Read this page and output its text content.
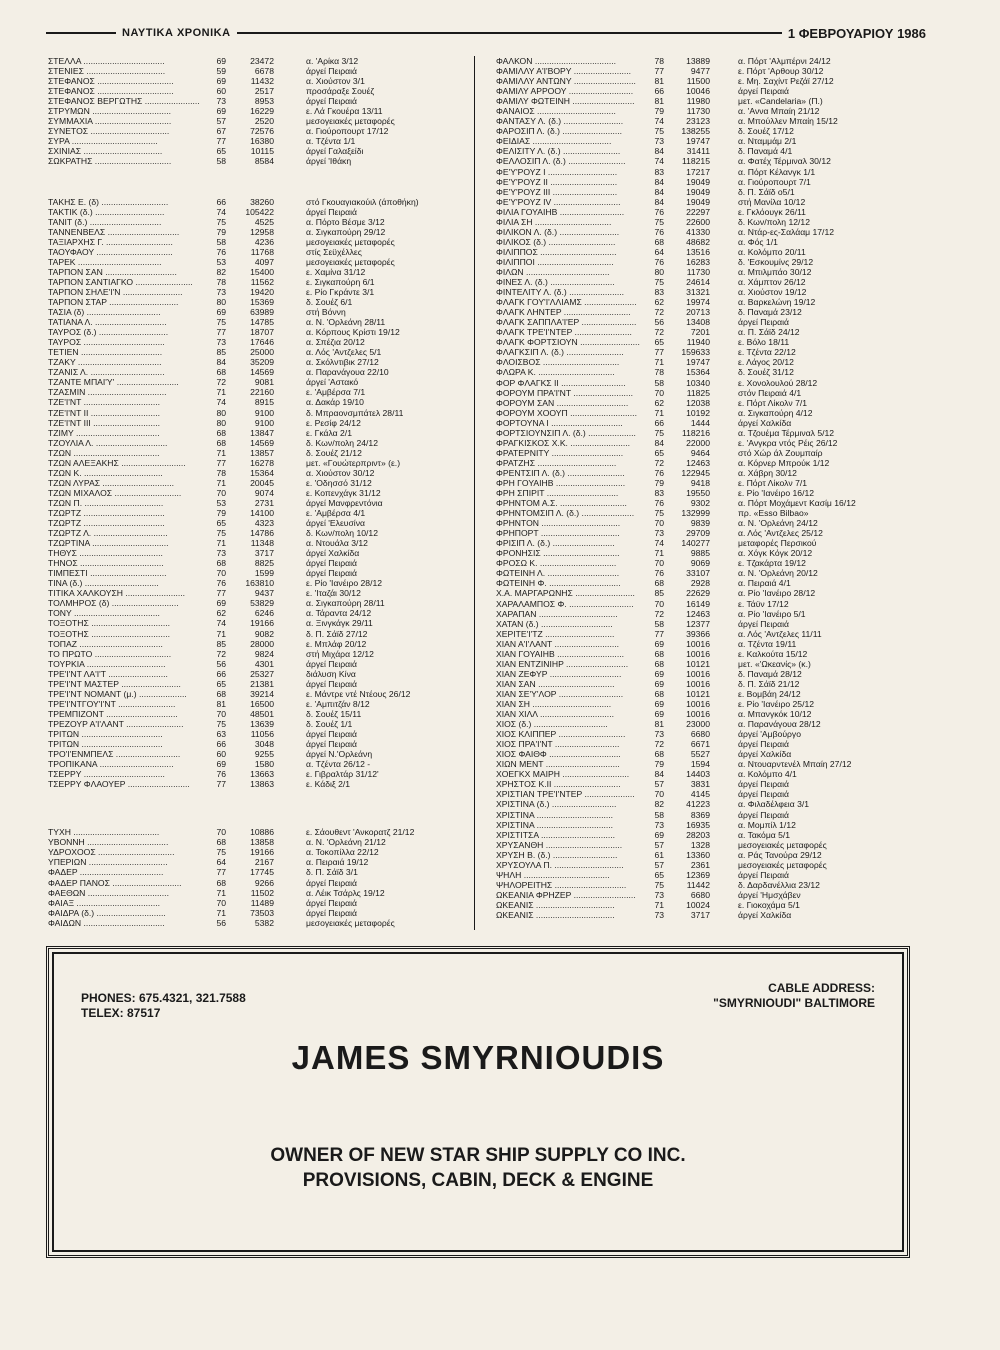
ΝΑΥΤΙΚΑ ΧΡΟΝΙΚΑ	1 ΦΕΒΡΟΥΑΡΙΟΥ 1986
ΣΤΕΛΛΑ ..................................	69	23472	α. 'Αρίκα 3/12
ΣΤΕΝΙΕΣ .................................	59	6678	άργεί Πειραιά
ΣΤΕΦΑΝΟΣ ................................	69	11432	α. Χιούστον 3/1
ΣΤΕΦΑΝΟΣ ................................	60	2517	προσάραξε Σουέζ
ΣΤΕΦΑΝΟΣ ΒΕΡΓΩΤΗΣ .......................	73	8953	άργεί Πειραιά
ΣΤΡΥΜΩΝ .................................	69	16229	ε. Λά Γκουέρα 13/11
ΣΥΜΜΑΧΙΑ ................................	57	2520	μεσογειακές μεταφορές
ΣΥΝΕΤΟΣ .................................	67	72576	α. Γιούροπουρτ 17/12
ΣΥΡΑ ....................................	77	16380	α. Τζέντα 1/1
ΣΧΙΝΙΑΣ .................................	65	10115	άργεί Γαλαξείδι
ΣΩΚΡΑΤΗΣ ................................	58	8584	άργεί 'Ιθάκη
ΤΑΚΗΣ Ε. (δ) ............................	66	38260	στό Γκουαγιακούιλ (άποθήκη)
ΤΑΚΤΙΚ (δ.) .............................	74	105422	άργεί Πειραιά
ΤΑΝΙΤ (δ.) ..............................	75	4525	α. Πόρτο Βέσμε 3/12
ΤΑΝΝΕΝΒΕΛΣ ..............................	79	12958	α. Σιγκαπούρη 29/12
ΤΑΞΙΑΡΧΗΣ Γ. ............................	58	4236	μεσογειακές μεταφορές
ΤΑΟΥΦΑΟΥ ................................	76	11768	στίς Σεϋχέλλες
ΤΑΡΕΚ ...................................	53	4097	μεσογειακές μεταφορές
ΤΑΡΠΟΝ ΣΑΝ ..............................	82	15400	ε. Χαμίνα 31/12
ΤΑΡΠΟΝ ΣΑΝΤΙΑΓΚΟ ........................	78	11562	ε. Σιγκαπούρη 6/1
ΤΑΡΠΟΝ ΣΗΛΕ'Ι'Ν .........................	73	19420	ε. Ρίο Γκράντε 3/1
ΤΑΡΠΟΝ ΣΤΑΡ .............................	80	15369	δ. Σουέζ 6/1
ΤΑΣΙΑ (δ) ...............................	69	63989	στή Βόννη
ΤΑΤΙΑΝΑ Λ. ..............................	75	14785	α. Ν. 'Ορλεάνη 28/11
ΤΑΥΡΟΣ (δ.) .............................	77	18707	α. Κόρπους Κρίστι 19/12
ΤΑΥΡΟΣ ..................................	73	17646	α. Σπέζια 20/12
ΤΕΤΙΕΝ ..................................	85	25000	α. Λός 'Αντζελες 5/1
ΤΖΑΚΥ ...................................	84	35209	α. Σκόλντιβικ 27/12
ΤΖΑΝΙΣ Λ. ...............................	68	14569	α. Παρανάγουα 22/10
ΤΖΑΝΤΕ ΜΠΑΙ'Υ' ..........................	72	9081	άργεί 'Αστακό
ΤΖΑΣΜΙΝ .................................	71	22160	ε. 'Αμβέρσα 7/1
ΤΖΕ'Ι'ΝΤ ................................	74	8915	α. Δακάρ 19/10
ΤΖΕ'Ι'ΝΤ ΙΙ .............................	80	9100	δ. Μπραονσμπάτελ 28/11
ΤΖΕ'Ι'ΝΤ ΙΙΙ ............................	80	9100	ε. Ρεσίφ 24/12
ΤΖΙΜΥ ...................................	68	13847	ε. Γκάλα 2/1
ΤΖΟΥΛΙΑ Λ. ..............................	68	14569	δ. Κων/πολη 24/12
ΤΖΩΝ ....................................	71	13857	δ. Σουέζ 21/12
ΤΖΩΝ ΑΛΕΞΑΚΗΣ ...........................	77	16278	μετ. «Γουώτερπριντ» (ε.)
ΤΖΩΝ Κ. .................................	78	15364	α. Χιούστον 30/12
ΤΖΩΝ ΛΥΡΑΣ ..............................	71	20045	ε. 'Οδησσό 31/12
ΤΖΩΝ ΜΙΧΑΛΟΣ ............................	70	9074	ε. Κοπενχάγκ 31/12
ΤΖΩΝ Π. .................................	53	2731	άργεί Μανφρεντόνια
ΤΖΩΡΤΖ ..................................	79	14100	ε. 'Αμβέρσα 4/1
ΤΖΩΡΤΖ ..................................	65	4323	άργεί 'Ελευσίνα
ΤΖΩΡΤΖ Λ. ...............................	75	14786	δ. Κων/πολη 10/12
ΤΖΩΡΤΙΝΑ ................................	71	11348	α. Ντουάλα 3/12
ΤΗΘΥΣ ...................................	73	3717	άργεί Χαλκίδα
ΤΗΝΟΣ ...................................	68	8825	άργεί Πειραιά
ΤΙΜΠΕΣΤΙ ................................	70	1599	άργεί Πειραιά
ΤΙΝΑ (δ.) ...............................	76	163810	ε. Ρίο 'Ιανέιρο 28/12
ΤΙΤΙΚΑ ΧΑΛΚΟΥΣΗ .........................	77	9437	ε. 'Ιταζάι 30/12
ΤΟΛΜΗΡΟΣ (δ) ............................	69	53829	α. Σιγκαπούρη 28/11
ΤΟΝΥ ....................................	62	6246	α. Τάραντα 24/12
ΤΟΞΟΤΗΣ .................................	74	19166	α. Ξινγκάγκ 29/11
ΤΟΞΟΤΗΣ .................................	71	9082	δ. Π. Σάϊδ 27/12
ΤΟΠΑΖ ...................................	85	28000	ε. Μπλάφ 20/12
ΤΟ ΠΡΩΤΟ ................................	72	9824	στή Μιχάρα 12/12
ΤΟΥΡΚΙΑ .................................	56	4301	άργεί Πειραιά
ΤΡΕ'Ι'ΝΤ ΛΑ'Ι'Τ .........................	66	25327	διάλυση Κίνα
ΤΡΕ'Ι'ΝΤ ΜΑΣΤΕΡ .........................	65	21381	άργεί Πειραιά
ΤΡΕ'Ι'ΝΤ ΝΟΜΑΝΤ (μ.) ....................	68	39214	ε. Μάντρε ντέ Ντέους 26/12
ΤΡΕ'Ι'ΝΤΓΟΥ'Ι'ΝΤ ........................	81	16500	ε. 'Αμπιτζάν 8/12
ΤΡΕΜΠΙΖΟΝΤ ..............................	70	48501	δ. Σουέζ 15/11
ΤΡΕΖΟΥΡ Α'Ι'ΛΑΝΤ ........................	75	13639	δ. Σουέζ 1/1
ΤΡΙΤΩΝ ..................................	63	11056	άργεί Πειραιά
ΤΡΙΤΩΝ ..................................	66	3048	άργεί Πειραιά
ΤΡΟ'Ι'ΕΝΜΠΕΛΣ ...........................	60	9255	άργεί Ν.'Ορλεάνη
ΤΡΟΠΙΚΑΝΑ ...............................	69	1580	α. Τζέντα 26/12 -
ΤΣΕΡΡΥ ..................................	76	13663	ε. Γιβραλτάρ 31/12'
ΤΣΕΡΡΥ ΦΛΑΟΥΕΡ ..........................	77	13863	ε. Κάδιξ 2/1
ΤΥΧΗ ....................................	70	10886	ε. Σάουθεντ 'Ανκορατζ 21/12
ΥΒΟΝΝΗ ..................................	68	13858	α. Ν. 'Ορλεάνη 21/12
ΥΔΡΟΧΟΟΣ ................................	75	19166	α. Τοκοπίλλα 22/12
ΥΠΕΡΙΩΝ .................................	64	2167	α. Πειραιά 19/12
ΦΑΔΕΡ ...................................	77	17745	δ. Π. Σάϊδ 3/1
ΦΑΔΕΡ ΠΑΝΟΣ .............................	68	9266	άργεί Πειραιά
ΦΑΕΘΩΝ ..................................	71	11502	α. Λέικ Τσάρλς 19/12
ΦΑΙΑΞ ...................................	70	11489	άργεί Πειραιά
ΦΑΙΔΡΑ (δ.) .............................	71	73503	άργεί Πειραιά
ΦΑΙΔΩΝ ..................................	56	5382	μεσογειακές μεταφορές
ΦΑΛΚΟΝ ..................................	78	13889	α. Πόρτ 'Αλμπέρνι 24/12
ΦΑΜΙΛΛΥ Α'Ι'ΒΟΡΥ ........................	77	9477	ε. Πόρτ 'Αρθουρ 30/12
ΦΑΜΙΛΛΥ ΑΝΤΩΝΥ ..........................	81	11500	ε. Μη. Σαχίντ Ρεζάϊ 27/12
ΦΑΜΙΛΥ ΑΡΡΟΟΥ ...........................	66	10046	άργεί Πειραιά
ΦΑΜΙΛΥ ΦΩΤΕΙΝΗ ..........................	81	11980	μετ. «Candelaria» (Π.)
ΦΑΝΑΙΟΣ .................................	79	11730	α. 'Αννα Μπαίη 21/12
ΦΑΝΤΑΣΥ Λ. (δ.) .........................	74	23123	α. Μπούλλεν Μπαίη 15/12
ΦΑΡΟΣΙΠ Λ. (δ.) .........................	75	138255	δ. Σουέζ 17/12
ΦΕΙΔΙΑΣ .................................	73	19747	α. Νταμμάμ 2/1
ΦΕΛΙΣΙΤΥ Λ. (δ.) ........................	84	31411	δ. Παναμά 4/1
ΦΕΛΛΟΣΙΠ Λ. (δ.) ........................	74	118215	α. Φατέχ Τέρμιναλ 30/12
ΦΕ'Υ'ΡΟΥΖ Ι .............................	83	17217	α. Πόρτ Κέλανγκ 1/1
ΦΕ'Υ'ΡΟΥΖ ΙΙ ............................	84	19049	α. Γιούροπουρτ 7/1
ΦΕ'Υ'ΡΟΥΖ ΙΙΙ ...........................	84	19049	δ. Π. Σάϊδ ο5/1
ΦΕ'Υ'ΡΟΥΖ ΙV ............................	84	19049	στή Μανίλα 10/12
ΦΙΛΙΑ ΓΟΥΑΙΗΒ ...........................	76	22297	ε. Γκλόουγκ 26/11
ΦΙΛΙΑ ΣΗ ................................	75	22600	δ. Κων/πολη 12/12
ΦΙΛΙΚΟΝ Λ. (δ.) .........................	76	41330	α. Ντάρ-ες-Σαλάαμ 17/12
ΦΙΛΙΚΟΣ (δ.) ............................	68	48682	α. Φός 1/1
ΦΙΛΙΠΠΟΣ ................................	64	13516	α. Κολόμπο 20/11
ΦΙΛΙΠΠΟΙ ................................	76	16283	δ. 'Εσκουμίνς 29/12
ΦΙΛΩΝ ...................................	80	11730	α. Μπιλμπάο 30/12
ΦΙΝΕΣ Λ. (δ.) ...........................	75	24614	α. Χάμπτον 26/12
ΦΙΝΤΕΛΙΤΥ Λ. (δ.) .......................	83	31321	α. Χιούστον 19/12
ΦΛΑΓΚ ΓΟΥ'Ι'ΛΛΙΑΜΣ ......................	62	19974	α. Βαρκελώνη 19/12
ΦΛΑΓΚ ΛΗΝΤΕΡ ............................	72	20713	δ. Παναμά 23/12
ΦΛΑΓΚ ΣΑΠΠΛΑ'Ι'ΕΡ .......................	56	13408	άργεί Πειραιά
ΦΛΑΓΚ ΤΡΕ'Ι'ΝΤΕΡ ........................	72	7201	α. Π. Σάϊδ 24/12
ΦΛΑΓΚ ΦΟΡΤΣΙΟΥΝ .........................	65	11940	ε. Βόλο 18/11
ΦΛΑΓΚΣΙΠ Λ. (δ.) ........................	77	159633	ε. Τζέντα 22/12
ΦΛΟΙΣΒΟΣ ................................	71	19747	ε. Λάγος 20/12
ΦΛΩΡΑ Κ. ................................	78	15364	δ. Σουέζ 31/12
ΦΟΡ ΦΛΑΓΚΣ ΙΙ ...........................	58	10340	ε. Χονολουλού 28/12
ΦΟΡΟΥΜ ΠΡΑ'Ι'ΝΤ .........................	70	11825	στόν Πειραιά 4/1
ΦΟΡΟΥΜ ΣΑΝ ..............................	62	12038	ε. Πόρτ Λίκολν 7/1
ΦΟΡΟΥΜ ΧΟΟΥΠ ............................	71	10192	α. Σιγκαπούρη 4/12
ΦΟΡΤΟΥΝΑ Ι ..............................	66	1444	άργεί Χαλκίδα
ΦΟΡΤΣΙΟΥΝΣΙΠ Λ. (δ.) ....................	75	118216	α. Τζουέμα Τέρμιναλ 5/12
ΦΡΑΓΚΙΣΚΟΣ Χ.Κ. .........................	84	22000	ε. 'Ανγκρα ντός Ρέις 26/12
ΦΡΑΤΕΡΝΙΤΥ ..............................	65	9464	στό Χώρ άλ Ζουμπαίρ
ΦΡΑΤΖΗΣ .................................	72	12463	α. Κόρνερ Μπρούκ 1/12
ΦΡΕΝΤΣΙΠ Λ. (δ.) ........................	76	122945	α. Χάβρη 30/12
ΦΡΗ ΓΟΥΑΙΗΒ .............................	79	9418	ε. Πόρτ Λίκολν 7/1
ΦΡΗ ΣΠΙΡΙΤ ..............................	83	19550	ε. Ρίο 'Ιανέιρο 16/12
ΦΡΗΝΤΟΜ Α.Σ. ............................	76	9302	α. Πόρτ Μοχάμεντ Κασίμ 16/12
ΦΡΗΝΤΟΜΣΙΠ Λ. (δ.) ......................	75	132999	πρ. «Esso Bilbao»
ΦΡΗΝΤΟΝ .................................	70	9839	α. Ν. 'Ορλεάνη 24/12
ΦΡΗΠΟΡΤ .................................	73	29709	α. Λός 'Αντζελες 25/12
ΦΡΙΣΙΠ Λ. (δ.) ..........................	74	140277	μεταφορές Περσικού
ΦΡΟΝΗΣΙΣ ................................	71	9885	α. Χόγκ Κόγκ 20/12
ΦΡΟΣΩ Κ. ................................	70	9069	ε. Τζακάρτα 19/12
ΦΩΤΕΙΝΗ Λ. ..............................	76	33107	α. Ν. 'Ορλεάνη 20/12
ΦΩΤΕΙΝΗ Φ. ..............................	68	2928	α. Πειραιά 4/1
Χ.Α. ΜΑΡΓΑΡΩΝΗΣ .........................	85	22629	α. Ρίο 'Ιανέιρο 28/12
ΧΑΡΑΛΑΜΠΟΣ Φ. ...........................	70	16149	ε. Τάϋν 17/12
ΧΑΡΑΠΑΝ .................................	72	12463	α. Ρίο 'Ιανέιρο 5/1
ΧΑΤΑΝ (δ.) ..............................	58	12377	άργεί Πειραιά
ΧΕΡΙΤΕ'Ι'ΤΖ .............................	77	39366	α. Λός 'Αντζελες 11/11
ΧΙΑΝ Α'Ι'ΛΑΝΤ ...........................	69	10016	α. Τζέντα 19/11
ΧΙΑΝ ΓΟΥΑΙΗΒ ............................	68	10016	ε. Καλκούτα 15/12
ΧΙΑΝ ΕΝΤΖΙΝΙΗΡ ..........................	68	10121	μετ. «'Ωκεανίς» (κ.)
ΧΙΑΝ ΖΕΦΥΡ ..............................	69	10016	δ. Παναμά 28/12
ΧΙΑΝ ΣΑΝ ................................	69	10016	δ. Π. Σάϊδ 21/12
ΧΙΑΝ ΣΕ'Υ'ΛΟΡ ...........................	68	10121	ε. Βομβάη 24/12
ΧΙΑΝ ΣΗ .................................	69	10016	ε. Ρίο 'Ιανέιρο 25/12
ΧΙΑΝ ΧΙΛΛ ...............................	69	10016	α. Μπανγκόκ 10/12
ΧΙΟΣ (δ.) ...............................	81	23000	α. Παρανάγουα 28/12
ΧΙΟΣ ΚΛΙΠΠΕΡ ............................	73	6680	άργεί 'Αμβούργο
ΧΙΟΣ ΠΡΑ'Ι'ΝΤ ...........................	72	6671	άργεί Πειραιά
ΧΙΟΣ ΦΑΙΘΦ ..............................	68	5527	άργεί Χαλκίδα
ΧΙΩΝ ΜΕΝΤ ...............................	79	1594	α. Ντουαρντενέλ Μπαίη 27/12
ΧΟΕΓΚΧ ΜΑΙΡΗ ............................	84	14403	α. Κολόμπο 4/1
ΧΡΗΣΤΟΣ Κ.ΙΙ ............................	57	3831	άργεί Πειραιά
ΧΡΙΣΤΙΑΝ ΤΡΕ'Ι'ΝΤΕΡ .....................	70	4145	άργεί Πειραιά
ΧΡΙΣΤΙΝΑ (δ.) ...........................	82	41223	α. Φιλαδέλφεια 3/1
ΧΡΙΣΤΙΝΑ ................................	58	8369	άργεί Πειραιά
ΧΡΙΣΤΙΝΑ ................................	73	16935	α. Μομπίλ 1/12
ΧΡΙΣΤΙΤΣΑ ...............................	69	28203	α. Τακόμα 5/1
ΧΡΥΣΑΝΘΗ ................................	57	1328	μεσογειακές μεταφορές
ΧΡΥΣΗ Β. (δ.) ...........................	61	13360	α. Ράς Τανούρα 29/12
ΧΡΥΣΟΥΛΑ Π. .............................	57	2361	μεσογειακές μεταφορές
ΨΗΛΗ ....................................	65	12369	άργεί Πειραιά
ΨΗΛΟΡΕΙΤΗΣ ..............................	75	11442	δ. Δαρδανέλλια 23/12
ΩΚΕΑΝΙΑ ΦΡΗΖΕΡ ..........................	73	6680	άργεί 'Ημσχάβεν
ΩΚΕΑΝΙΣ .................................	71	10024	ε. Γιοκοχάμα 5/1
ΩΚΕΑΝΙΣ .................................	73	3717	άργεί Χαλκίδα
PHONES: 675.4321, 321.7588
TELEX: 87517
CABLE ADDRESS:
"SMYRNIOUDI" BALTIMORE
JAMES SMYRNIOUDIS
OWNER OF NEW STAR SHIP SUPPLY CO INC.
PROVISIONS, CABIN, DECK & ENGINE
